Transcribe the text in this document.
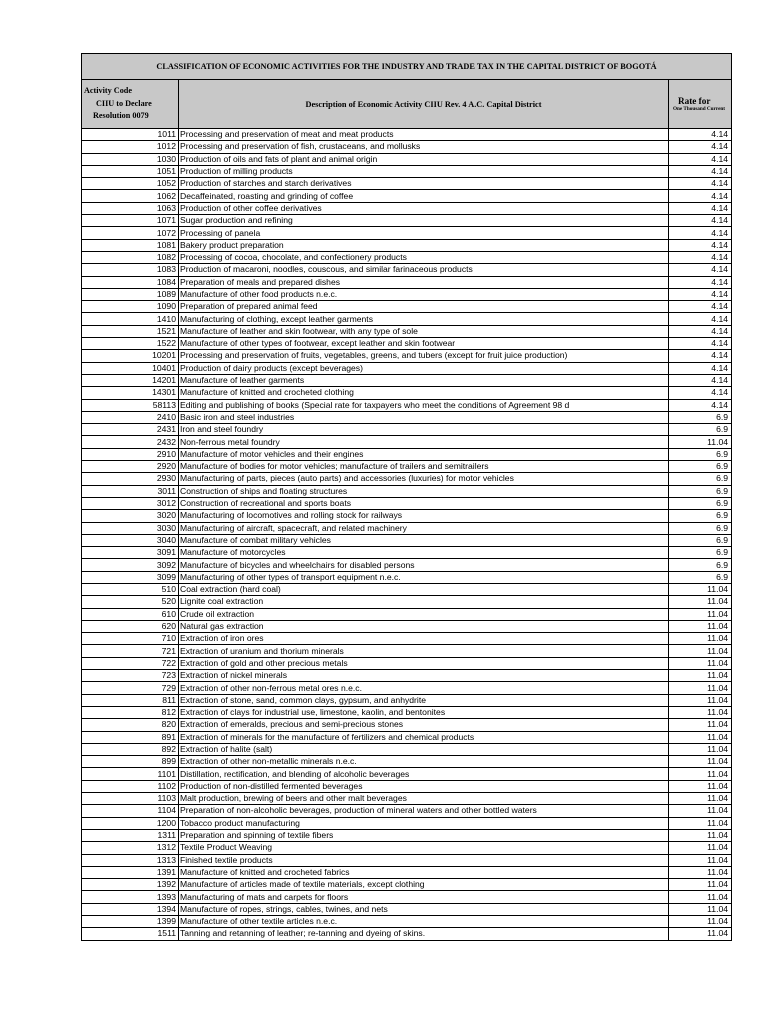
CLASSIFICATION OF ECONOMIC ACTIVITIES FOR THE INDUSTRY AND TRADE TAX IN THE CAPITAL DISTRICT OF BOGOTÁ		

Activity Code
CIIU to Declare
Resolution 0079	Description of Economic Activity CIIU Rev. 4 A.C. Capital District	Rate for
One Thousand Current

1011	Processing and preservation of meat and meat products	4.14
1012	Processing and preservation of fish, crustaceans, and mollusks	4.14
1030	Production of oils and fats of plant and animal origin	4.14
1051	Production of milling products	4.14
1052	Production of starches and starch derivatives	4.14
1062	Decaffeinated, roasting and grinding of coffee	4.14
1063	Production of other coffee derivatives	4.14
1071	Sugar production and refining	4.14
1072	Processing of panela	4.14
1081	Bakery product preparation	4.14
1082	Processing of cocoa, chocolate, and confectionery products	4.14
1083	Production of macaroni, noodles, couscous, and similar farinaceous products	4.14
1084	Preparation of meals and prepared dishes	4.14
1089	Manufacture of other food products n.e.c.	4.14
1090	Preparation of prepared animal feed	4.14
1410	Manufacturing of clothing, except leather garments	4.14
1521	Manufacture of leather and skin footwear, with any type of sole	4.14
1522	Manufacture of other types of footwear, except leather and skin footwear	4.14
10201	Processing and preservation of fruits, vegetables, greens, and tubers (except for fruit juice production)	4.14
10401	Production of dairy products (except beverages)	4.14
14201	Manufacture of leather garments	4.14
14301	Manufacture of knitted and crocheted clothing	4.14
58113	Editing and publishing of books (Special rate for taxpayers who meet the conditions of Agreement 98 d	4.14
2410	Basic iron and steel industries	6.9
2431	Iron and steel foundry	6.9
2432	Non-ferrous metal foundry	11.04
2910	Manufacture of motor vehicles and their engines	6.9
2920	Manufacture of bodies for motor vehicles; manufacture of trailers and semitrailers	6.9
2930	Manufacturing of parts, pieces (auto parts) and accessories (luxuries) for motor vehicles	6.9
3011	Construction of ships and floating structures	6.9
3012	Construction of recreational and sports boats	6.9
3020	Manufacturing of locomotives and rolling stock for railways	6.9
3030	Manufacturing of aircraft, spacecraft, and related machinery	6.9
3040	Manufacture of combat military vehicles	6.9
3091	Manufacture of motorcycles	6.9
3092	Manufacture of bicycles and wheelchairs for disabled persons	6.9
3099	Manufacturing of other types of transport equipment n.e.c.	6.9
510	Coal extraction (hard coal)	11.04
520	Lignite coal extraction	11.04
610	Crude oil extraction	11.04
620	Natural gas extraction	11.04
710	Extraction of iron ores	11.04
721	Extraction of uranium and thorium minerals	11.04
722	Extraction of gold and other precious metals	11.04
723	Extraction of nickel minerals	11.04
729	Extraction of other non-ferrous metal ores n.e.c.	11.04
811	Extraction of stone, sand, common clays, gypsum, and anhydrite	11.04
812	Extraction of clays for industrial use, limestone, kaolin, and bentonites	11.04
820	Extraction of emeralds, precious and semi-precious stones	11.04
891	Extraction of minerals for the manufacture of fertilizers and chemical products	11.04
892	Extraction of halite (salt)	11.04
899	Extraction of other non-metallic minerals n.e.c.	11.04
1101	Distillation, rectification, and blending of alcoholic beverages	11.04
1102	Production of non-distilled fermented beverages	11.04
1103	Malt production, brewing of beers and other malt beverages	11.04
1104	Preparation of non-alcoholic beverages, production of mineral waters and other bottled waters	11.04
1200	Tobacco product manufacturing	11.04
1311	Preparation and spinning of textile fibers	11.04
1312	Textile Product Weaving	11.04
1313	Finished textile products	11.04
1391	Manufacture of knitted and crocheted fabrics	11.04
1392	Manufacture of articles made of textile materials, except clothing	11.04
1393	Manufacturing of mats and carpets for floors	11.04
1394	Manufacture of ropes, strings, cables, twines, and nets	11.04
1399	Manufacture of other textile articles n.e.c.	11.04
1511	Tanning and retanning of leather; re-tanning and dyeing of skins.	11.04
